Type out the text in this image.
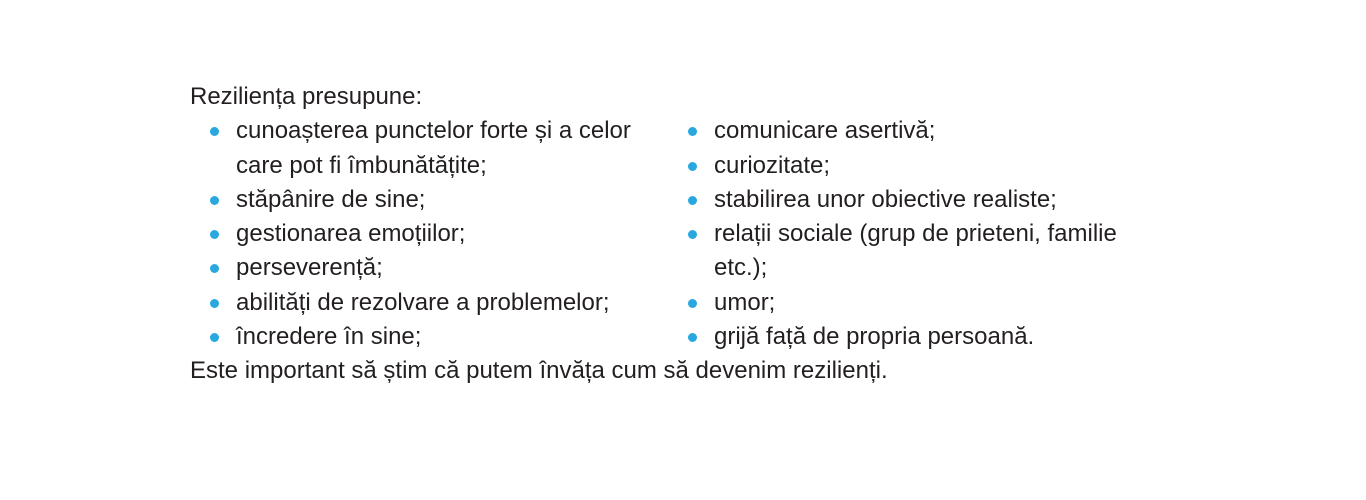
Reziliența presupune:
cunoașterea punctelor forte și a celor care pot fi îmbunătățite;
stăpânire de sine;
gestionarea emoțiilor;
perseverență;
abilități de rezolvare a problemelor;
încredere în sine;
comunicare asertivă;
curiozitate;
stabilirea unor obiective realiste;
relații sociale (grup de prieteni, familie etc.);
umor;
grijă față de propria persoană.
Este important să știm că putem învăța cum să devenim rezilienți.
